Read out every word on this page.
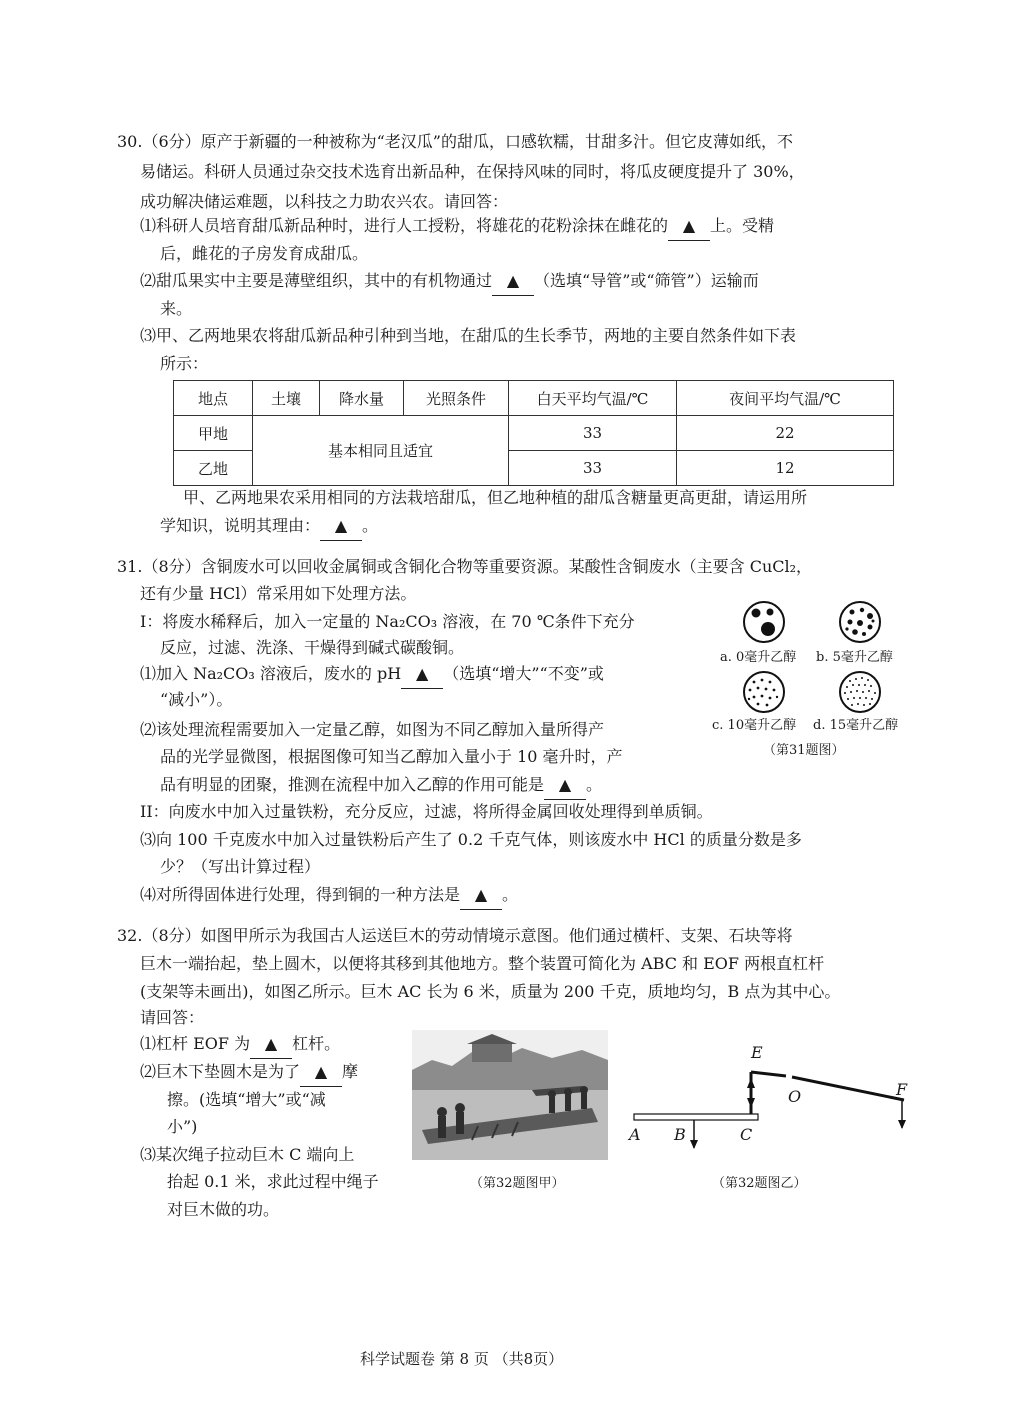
30.（6分）原产于新疆的一种被称为“老汉瓜”的甜瓜，口感软糯，甘甜多汁。但它皮薄如纸，不
易储运。科研人员通过杂交技术选育出新品种，在保持风味的同时，将瓜皮硬度提升了 30%，
成功解决储运难题，以科技之力助农兴农。请回答：
⑴科研人员培育甜瓜新品种时，进行人工授粉，将雄花的花粉涂抹在雌花的 ▲ 上。受精
后，雌花的子房发育成甜瓜。
⑵甜瓜果实中主要是薄壁组织，其中的有机物通过 ▲ （选填“导管”或“筛管”）运输而
来。
⑶甲、乙两地果农将甜瓜新品种引种到当地，在甜瓜的生长季节，两地的主要自然条件如下表
所示：
地点	土壤	降水量	光照条件	白天平均气温/℃	夜间平均气温/℃
甲地	基本相同且适宜			33	22
乙地				33	12
甲、乙两地果农采用相同的方法栽培甜瓜，但乙地种植的甜瓜含糖量更高更甜，请运用所
学知识，说明其理由： ▲ 。
31.（8分）含铜废水可以回收金属铜或含铜化合物等重要资源。某酸性含铜废水（主要含 CuCl₂，
还有少量 HCl）常采用如下处理方法。
I：将废水稀释后，加入一定量的 Na₂CO₃ 溶液，在 70 ℃条件下充分
反应，过滤、洗涤、干燥得到碱式碳酸铜。
⑴加入 Na₂CO₃ 溶液后，废水的 pH ▲ （选填“增大”“不变”或
“减小”）。
⑵该处理流程需要加入一定量乙醇，如图为不同乙醇加入量所得产
品的光学显微图，根据图像可知当乙醇加入量小于 10 毫升时，产
品有明显的团聚，推测在流程中加入乙醇的作用可能是 ▲ 。
II：向废水中加入过量铁粉，充分反应，过滤，将所得金属回收处理得到单质铜。
⑶向 100 千克废水中加入过量铁粉后产生了 0.2 千克气体，则该废水中 HCl 的质量分数是多
少？（写出计算过程）
⑷对所得固体进行处理，得到铜的一种方法是 ▲ 。
a. 0毫升乙醇 b. 5毫升乙醇
c. 10毫升乙醇 d. 15毫升乙醇
（第31题图）
32.（8分）如图甲所示为我国古人运送巨木的劳动情境示意图。他们通过横杆、支架、石块等将
巨木一端抬起，垫上圆木，以便将其移到其他地方。整个装置可简化为 ABC 和 EOF 两根直杠杆
(支架等未画出)，如图乙所示。巨木 AC 长为 6 米，质量为 200 千克，质地均匀，B 点为其中心。
请回答：
⑴杠杆 EOF 为 ▲ 杠杆。
⑵巨木下垫圆木是为了 ▲ 摩
擦。(选填“增大”或“减
小”)
⑶某次绳子拉动巨木 C 端向上
抬起 0.1 米，求此过程中绳子
对巨木做的功。
（第32题图甲）
A B	C
E
O	F
（第32题图乙）
科学试题卷 第 8 页 （共8页）
